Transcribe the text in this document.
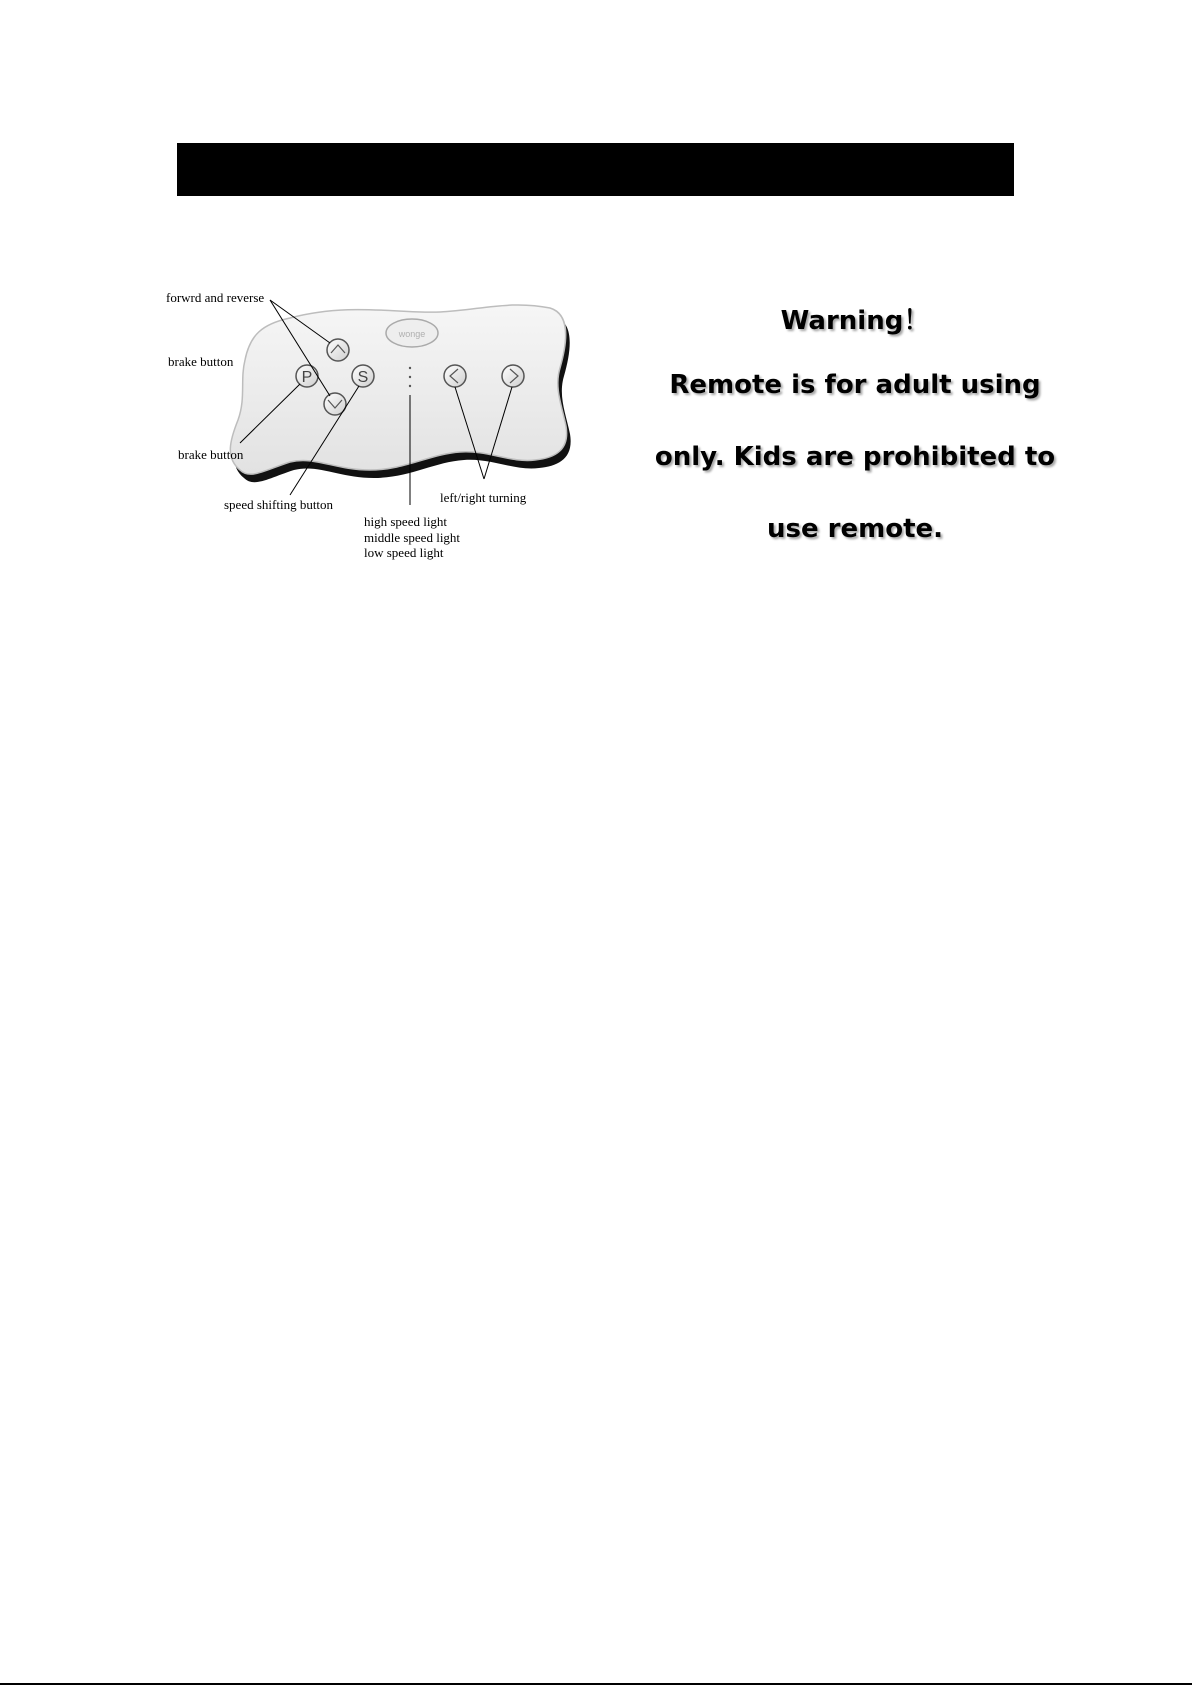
wonge
P	S
forwrd and reverse
brake button
brake button
speed shifting button	left/right turning
high speed light
middle speed light
low speed light
Warning！
Remote is for adult using
only. Kids are prohibited to
use remote.
